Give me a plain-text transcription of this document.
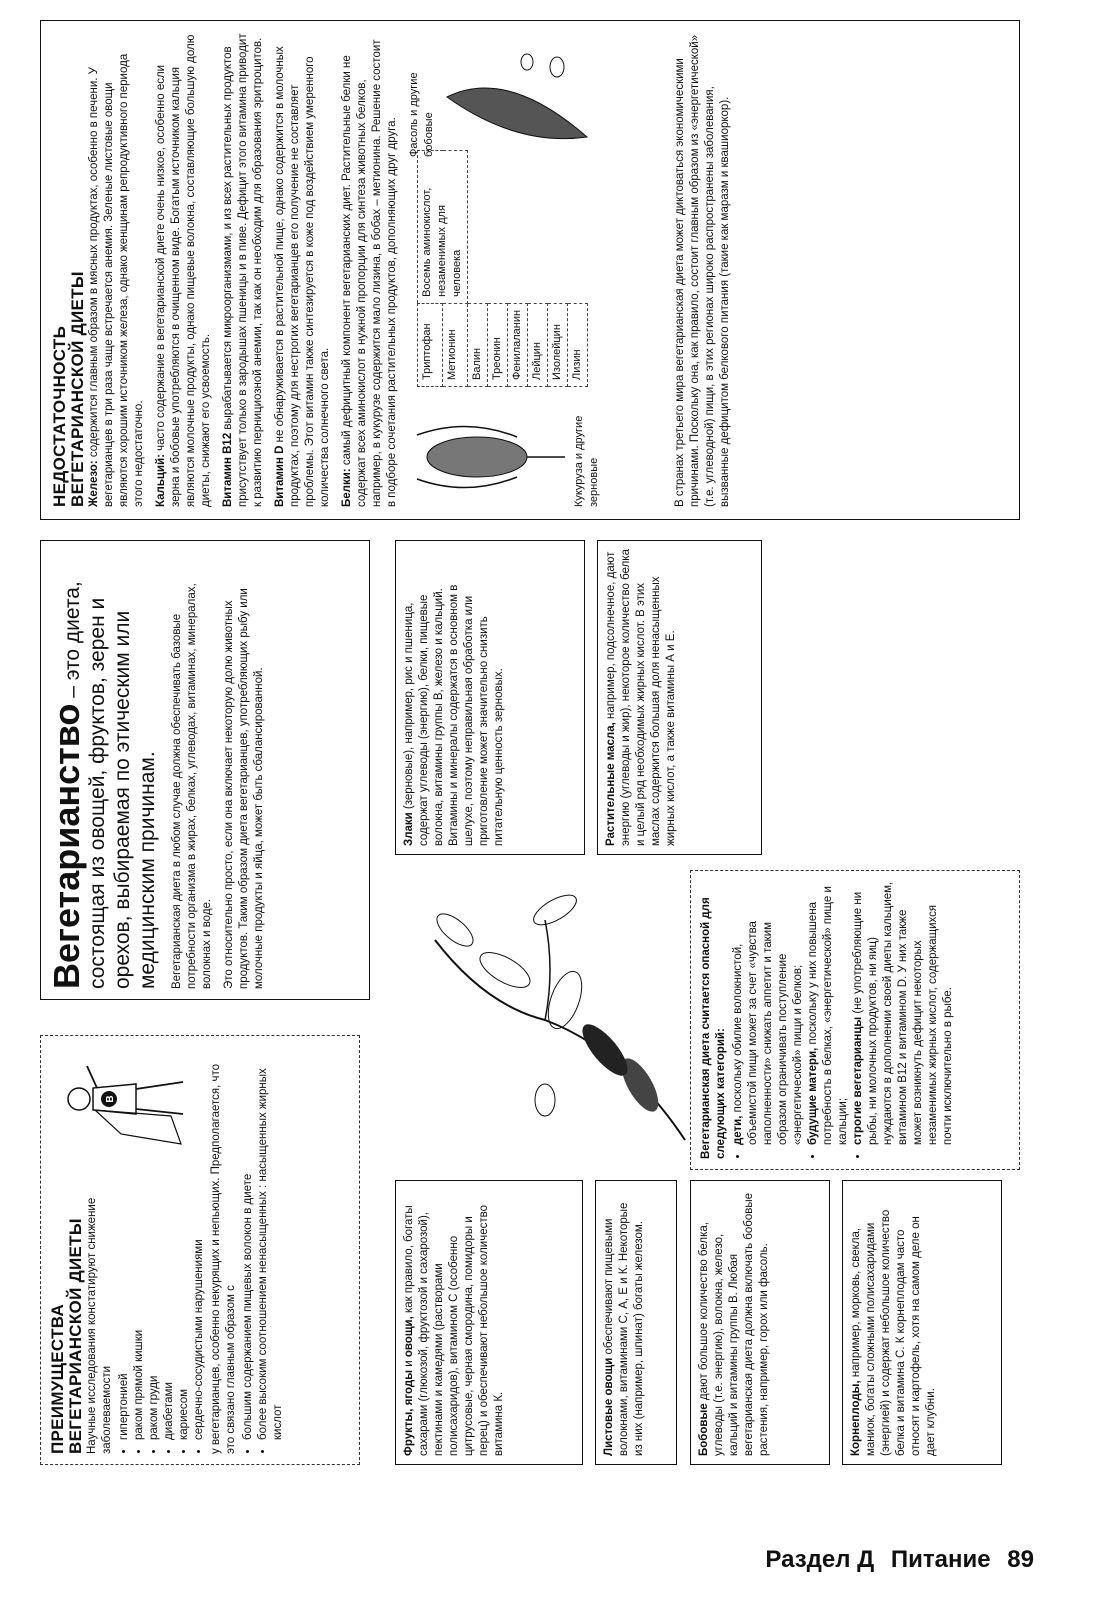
ПРЕИМУЩЕСТВА ВЕГЕТАРИАНСКОЙ ДИЕТЫ Научные исследования констатируют снижение заболеваемости • гипертонией • раком прямой кишки • раком груди • диабетами • кариесом • сердечно-сосудистыми нарушениями у вегетарианцев, особенно некурящих и непьющих. Предполагается, что это связано главным образом с • большим содержанием пищевых волокон в диете • более высоким соотношением ненасыщенных : насыщенных жирных кислот
B
Вегетарианство – это диета, состоящая из овощей, фруктов, зерен и орехов, выбираемая по этическим или медицинским причинам. Вегетарианская диета в любом случае должна обеспечивать базовые потребности организма в жирах, белках, углеводах, витаминах, минералах, волокнах и воде. Это относительно просто, если она включает некоторую долю животных продуктов. Таким образом диета вегетарианцев, употребляющих рыбу или молочные продукты и яйца, может быть сбалансированной.

Фрукты, ягоды и овощи, как правило, богаты сахарами (глюкозой, фруктозой и сахарозой), пектинами и камедями (растворами полисахаридов), витамином С (особенно цитрусовые, черная смородина, помидоры и перец) и обеспечивают небольшое количество витамина К.	Листовые овощи обеспечивают пищевыми волокнами, витаминами С, А, Е и К. Некоторые из них (например, шпинат) богаты железом.	Бобовые дают большое количество белка, углеводы (т.е. энергию), волокна, железо, кальций и витамины группы В. Любая вегетарианская диета должна включать бобовые растения, например, горох или фасоль.	Корнеплоды, например, морковь, свекла, маниок, богаты сложными полисахаридами (энергией) и содержат небольшое количество белка и витамина С. К корнеплодам часто относят и картофель, хотя на самом деле он дает клубни.
Вегетарианская диета считается опасной для следующих категорий: • дети, поскольку обилие волокнистой, объемистой пищи может за счет «чувства наполненности» снижать аппетит и таким образом ограничивать поступление «энергетической» пищи и белков; • будущие матери, поскольку у них повышена потребность в белках, «энергетической» пище и кальции; • строгие вегетарианцы (не употребляющие ни рыбы, ни молочных продуктов, ни яиц) нуждаются в дополнении своей диеты кальцием, витамином B12 и витамином D. У них также может возникнуть дефицит некоторых незаменимых жирных кислот, содержащихся почти исключительно в рыбе.
Злаки (зерновые), например, рис и пшеница, содержат углеводы (энергию), белки, пищевые волокна, витамины группы В, железо и кальций. Витамины и минералы содержатся в основном в шелухе, поэтому неправильная обработка или приготовление может значительно снизить питательную ценность зерновых.	Растительные масла, например, подсолнечное, дают энергию (углеводы и жир), некоторое количество белка и целый ряд необходимых жирных кислот. В этих маслах содержится большая доля ненасыщенных жирных кислот, а также витамины А и Е.
НЕДОСТАТОЧНОСТЬ ВЕГЕТАРИАНСКОЙ ДИЕТЫ Железо: содержится главным образом в мясных продуктах, особенно в печени. У вегетарианцев в три раза чаще встречается анемия. Зеленые листовые овощи являются хорошим источником железа, однако женщинам репродуктивного периода этого недостаточно. Кальций: часто содержание в вегетарианской диете очень низкое, особенно если зерна и бобовые употребляются в очищенном виде. Богатым источником кальция являются молочные продукты, однако пищевые волокна, составляющие большую долю диеты, снижают его усвоемость. Витамин B12 вырабатывается микроорганизмами, и из всех растительных продуктов присутствует только в зародышах пшеницы и в пиве. Дефицит этого витамина приводит к развитию пернициозной анемии, так как он необходим для образования эритроцитов. Витамин D не обнаруживается в растительной пище, однако содержится в молочных продуктах, поэтому для нестрогих вегетарианцев его получение не составляет проблемы. Этот витамин также синтезируется в коже под воздействием умеренного количества солнечного света. Белки: самый дефицитный компонент вегетарианских диет. Растительные белки не содержат всех аминокислот в нужной пропорции для синтеза животных белков, например, в кукурузе содержится мало лизина, в бобах – метионина. Решение состоит в подборе сочетания растительных продуктов, дополняющих друг друга.	Кукуруза и другие зерновые
Триптофан	Восемь аминокислот, незаменимых для человека
Метионин	
Валин	
Треонин	
Фенилаланин	
Лейцин	
Изолейцин	
Лизин	
Фасоль и другие бобовые	В странах третьего мира вегетарианская диета может диктоваться экономическими причинами. Поскольку она, как правило, состоит главным образом из «энергетической» (т.е. углеводной) пищи, в этих регионах широко распространены заболевания, вызванные дефицитом белкового питания (такие как маразм и квашиоркор).

Раздел Д Питание 89
